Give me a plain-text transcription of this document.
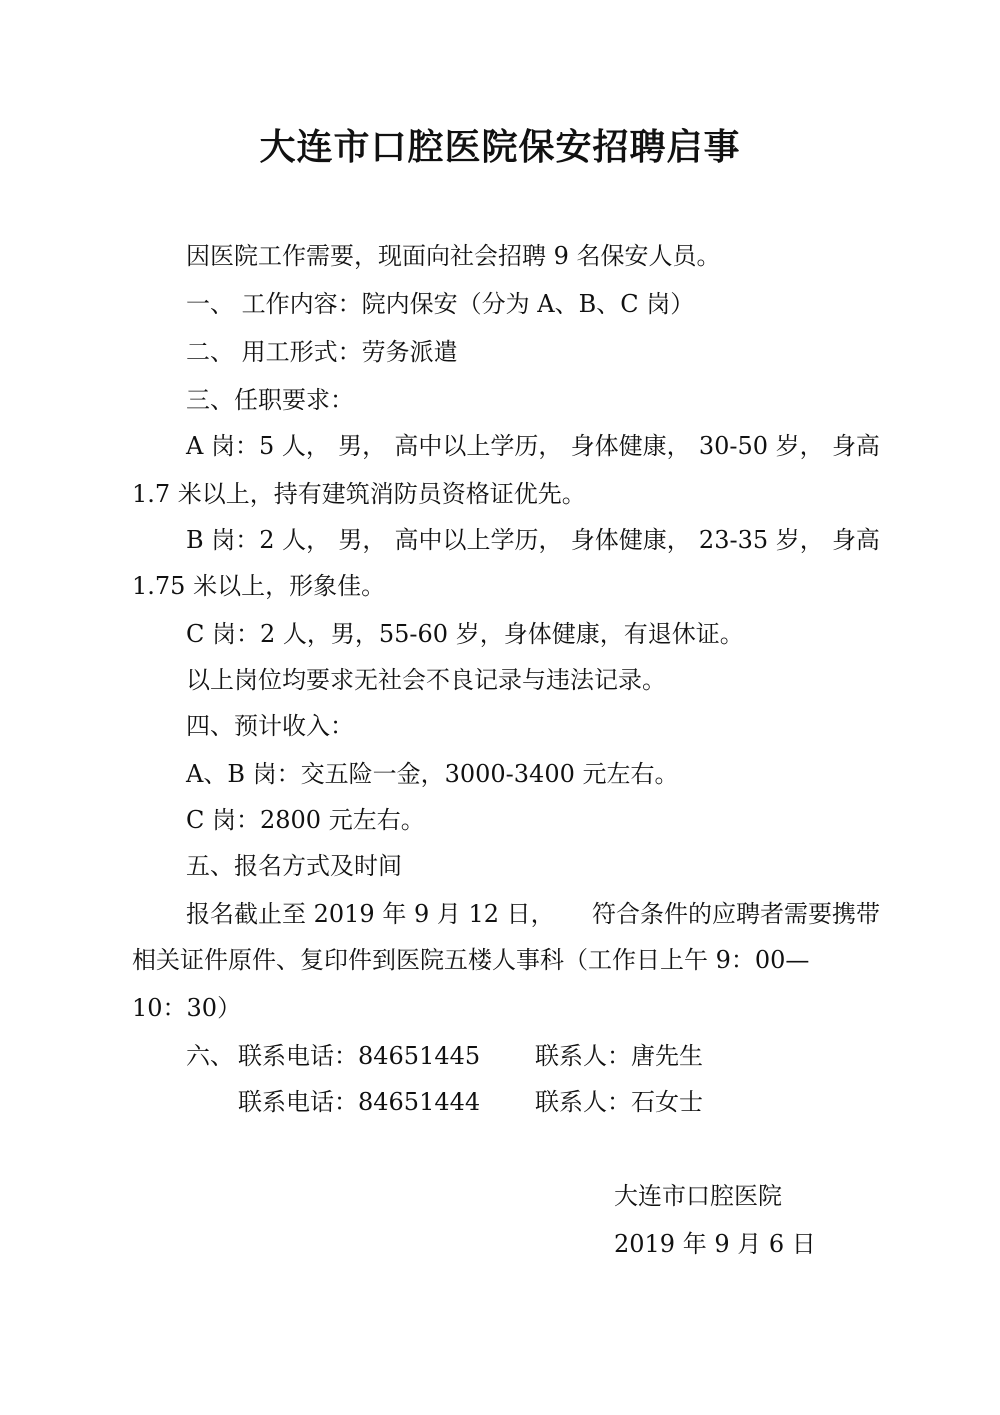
大连市口腔医院保安招聘启事
因医院工作需要，现面向社会招聘 9 名保安人员。
一、 工作内容：院内保安（分为 A、B、C 岗）
二、 用工形式：劳务派遣
三、任职要求：
A 岗：5 人， 男， 高中以上学历， 身体健康， 30-50 岁， 身高
1.7 米以上，持有建筑消防员资格证优先。
B 岗：2 人， 男， 高中以上学历， 身体健康， 23-35 岁， 身高
1.75 米以上，形象佳。
C 岗：2 人，男，55-60 岁，身体健康，有退休证。
以上岗位均要求无社会不良记录与违法记录。
四、预计收入：
A、B 岗：交五险一金，3000-3400 元左右。
C 岗：2800 元左右。
五、报名方式及时间
报名截止至 2019 年 9 月 12 日， 符合条件的应聘者需要携带
相关证件原件、复印件到医院五楼人事科（工作日上午 9：00—
10：30）
六、 联系电话：84651445 联系人：唐先生
联系电话：84651444 联系人：石女士
大连市口腔医院
2019 年 9 月 6 日
